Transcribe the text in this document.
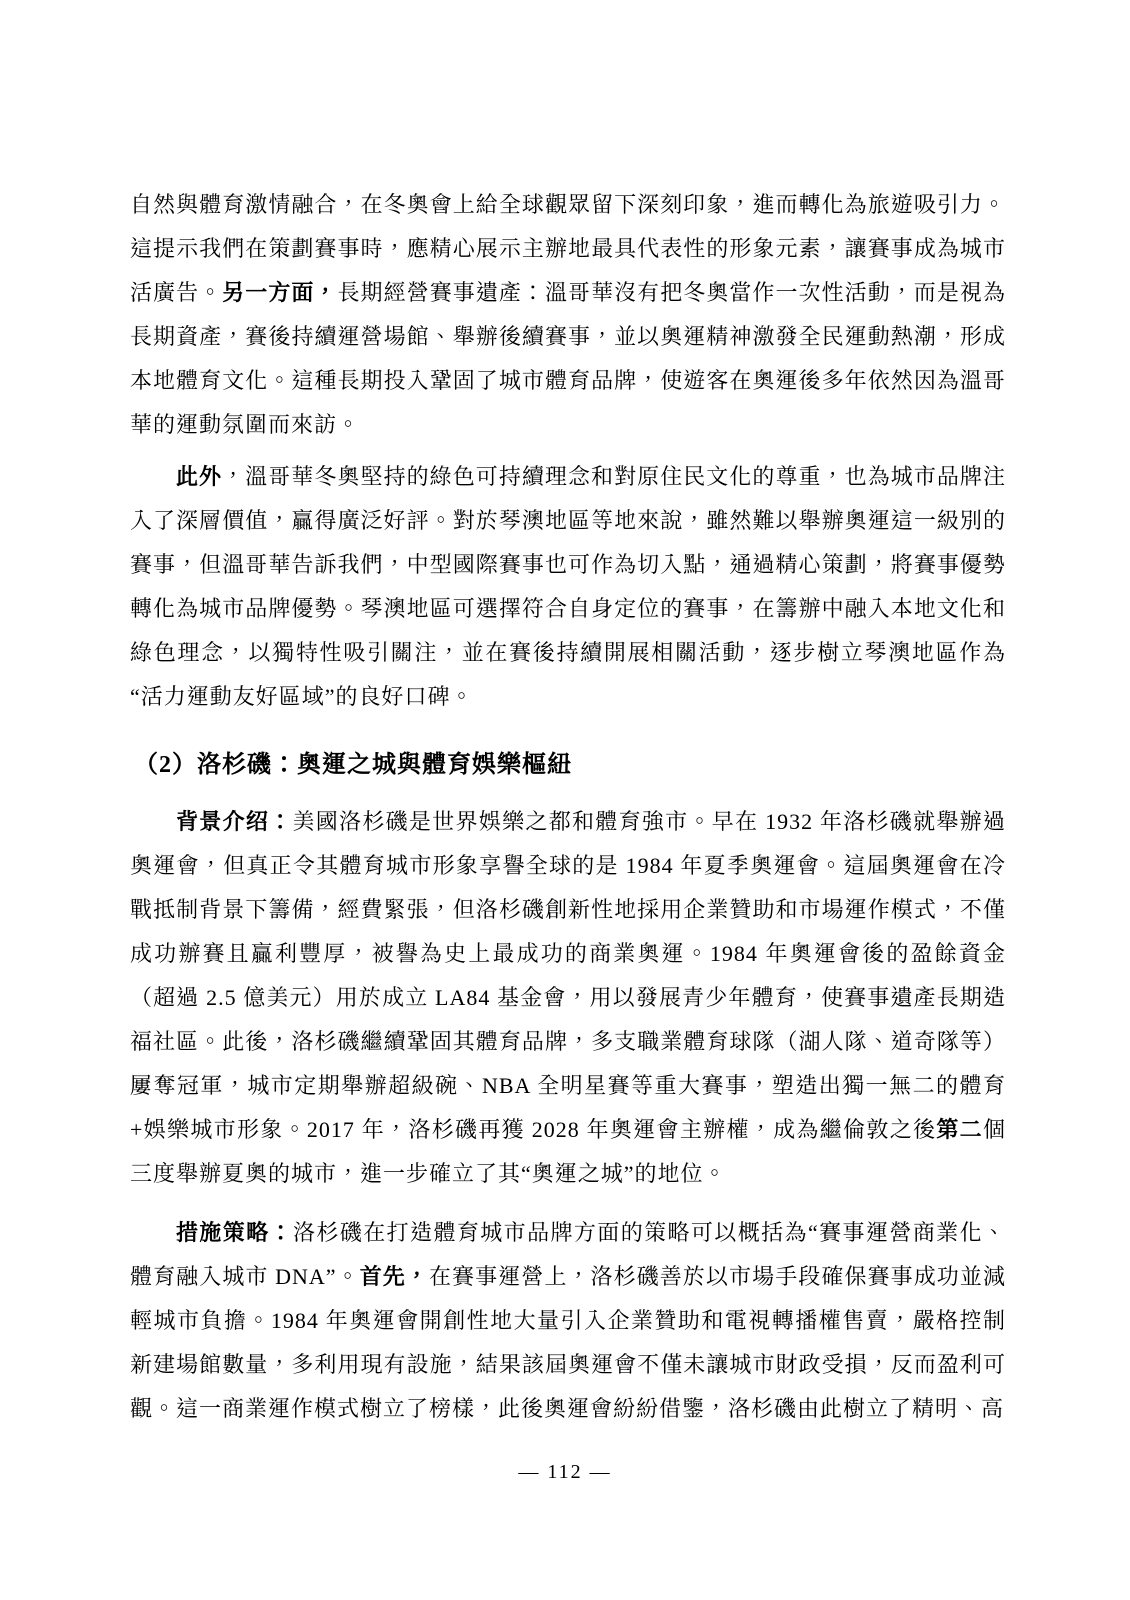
自然與體育激情融合，在冬奧會上給全球觀眾留下深刻印象，進而轉化為旅遊吸引力。這提示我們在策劃賽事時，應精心展示主辦地最具代表性的形象元素，讓賽事成為城市活廣告。另一方面，長期經營賽事遺產：溫哥華沒有把冬奧當作一次性活動，而是視為長期資產，賽後持續運營場館、舉辦後續賽事，並以奧運精神激發全民運動熱潮，形成本地體育文化。這種長期投入鞏固了城市體育品牌，使遊客在奧運後多年依然因為溫哥華的運動氛圍而來訪。

此外，溫哥華冬奧堅持的綠色可持續理念和對原住民文化的尊重，也為城市品牌注入了深層價值，贏得廣泛好評。對於琴澳地區等地來說，雖然難以舉辦奧運這一級別的賽事，但溫哥華告訴我們，中型國際賽事也可作為切入點，通過精心策劃，將賽事優勢轉化為城市品牌優勢。琴澳地區可選擇符合自身定位的賽事，在籌辦中融入本地文化和綠色理念，以獨特性吸引關注，並在賽後持續開展相關活動，逐步樹立琴澳地區作為“活力運動友好區域”的良好口碑。

（2）洛杉磯：奧運之城與體育娛樂樞紐

背景介绍：美國洛杉磯是世界娛樂之都和體育強市。早在 1932 年洛杉磯就舉辦過奧運會，但真正令其體育城市形象享譽全球的是 1984 年夏季奧運會。這屆奧運會在冷戰抵制背景下籌備，經費緊張，但洛杉磯創新性地採用企業贊助和市場運作模式，不僅成功辦賽且贏利豐厚，被譽為史上最成功的商業奧運。1984 年奧運會後的盈餘資金（超過 2.5 億美元）用於成立 LA84 基金會，用以發展青少年體育，使賽事遺產長期造福社區。此後，洛杉磯繼續鞏固其體育品牌，多支職業體育球隊（湖人隊、道奇隊等）屢奪冠軍，城市定期舉辦超級碗、NBA 全明星賽等重大賽事，塑造出獨一無二的體育+娛樂城市形象。2017 年，洛杉磯再獲 2028 年奧運會主辦權，成為繼倫敦之後第二個三度舉辦夏奧的城市，進一步確立了其“奧運之城”的地位。

措施策略：洛杉磯在打造體育城市品牌方面的策略可以概括為“賽事運營商業化、體育融入城市 DNA”。首先，在賽事運營上，洛杉磯善於以市場手段確保賽事成功並減輕城市負擔。1984 年奧運會開創性地大量引入企業贊助和電視轉播權售賣，嚴格控制新建場館數量，多利用現有設施，結果該屆奧運會不僅未讓城市財政受損，反而盈利可觀。這一商業運作模式樹立了榜樣，此後奧運會紛紛借鑒，洛杉磯由此樹立了精明、高

— 112 —
